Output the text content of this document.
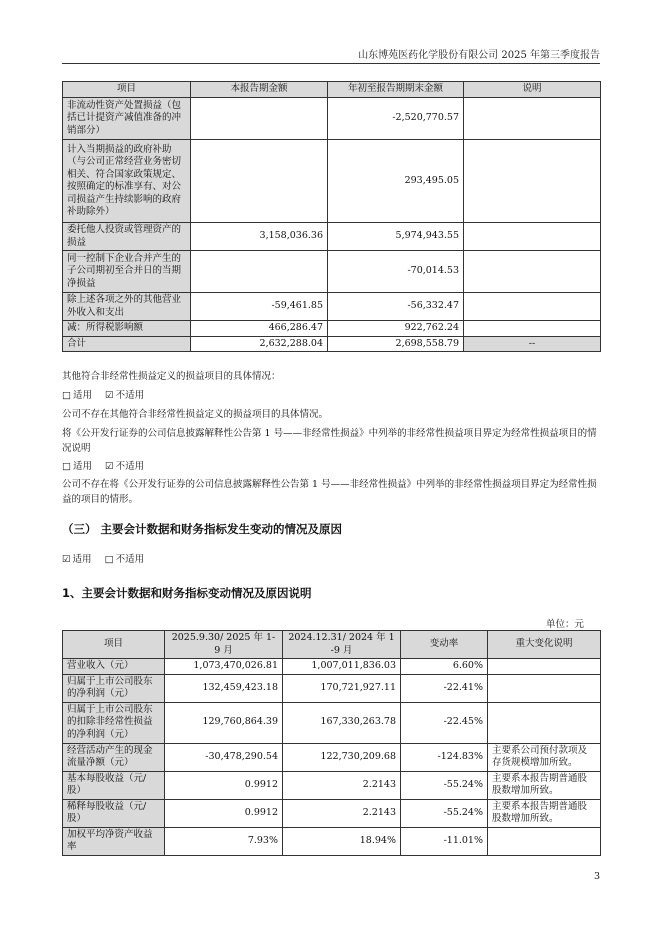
山东博苑医药化学股份有限公司 2025 年第三季度报告
项目	本报告期金额	年初至报告期期末金额	说明
非流动性资产处置损益（包括已计提资产减值准备的冲销部分）		-2,520,770.57	
计入当期损益的政府补助（与公司正常经营业务密切相关、符合国家政策规定、按照确定的标准享有、对公司损益产生持续影响的政府补助除外）		293,495.05	
委托他人投资或管理资产的损益	3,158,036.36	5,974,943.55	
同一控制下企业合并产生的子公司期初至合并日的当期净损益		-70,014.53	
除上述各项之外的其他营业外收入和支出	-59,461.85	-56,332.47	
减：所得税影响额	466,286.47	922,762.24	
合计	2,632,288.04	2,698,558.79	--

其他符合非经常性损益定义的损益项目的具体情况：

□ 适用 ☑ 不适用

公司不存在其他符合非经常性损益定义的损益项目的具体情况。

将《公开发行证券的公司信息披露解释性公告第 1 号——非经常性损益》中列举的非经常性损益项目界定为经常性损益项目的情况说明

□ 适用 ☑ 不适用

公司不存在将《公开发行证券的公司信息披露解释性公告第 1 号——非经常性损益》中列举的非经常性损益项目界定为经常性损益的项目的情形。

（三） 主要会计数据和财务指标发生变动的情况及原因

☑ 适用 □ 不适用

1、主要会计数据和财务指标变动情况及原因说明
单位：元
项目	2025.9.30/ 2025 年 1-9 月	2024.12.31/ 2024 年 1-9 月	变动率	重大变化说明
营业收入（元）	1,073,470,026.81	1,007,011,836.03	6.60%	
归属于上市公司股东的净利润（元）	132,459,423.18	170,721,927.11	-22.41%	
归属于上市公司股东的扣除非经常性损益的净利润（元）	129,760,864.39	167,330,263.78	-22.45%	
经营活动产生的现金流量净额（元）	-30,478,290.54	122,730,209.68	-124.83%	主要系公司预付款项及存货规模增加所致。
基本每股收益（元/股）	0.9912	2.2143	-55.24%	主要系本报告期普通股股数增加所致。
稀释每股收益（元/股）	0.9912	2.2143	-55.24%	主要系本报告期普通股股数增加所致。
加权平均净资产收益率	7.93%	18.94%	-11.01%	
3
